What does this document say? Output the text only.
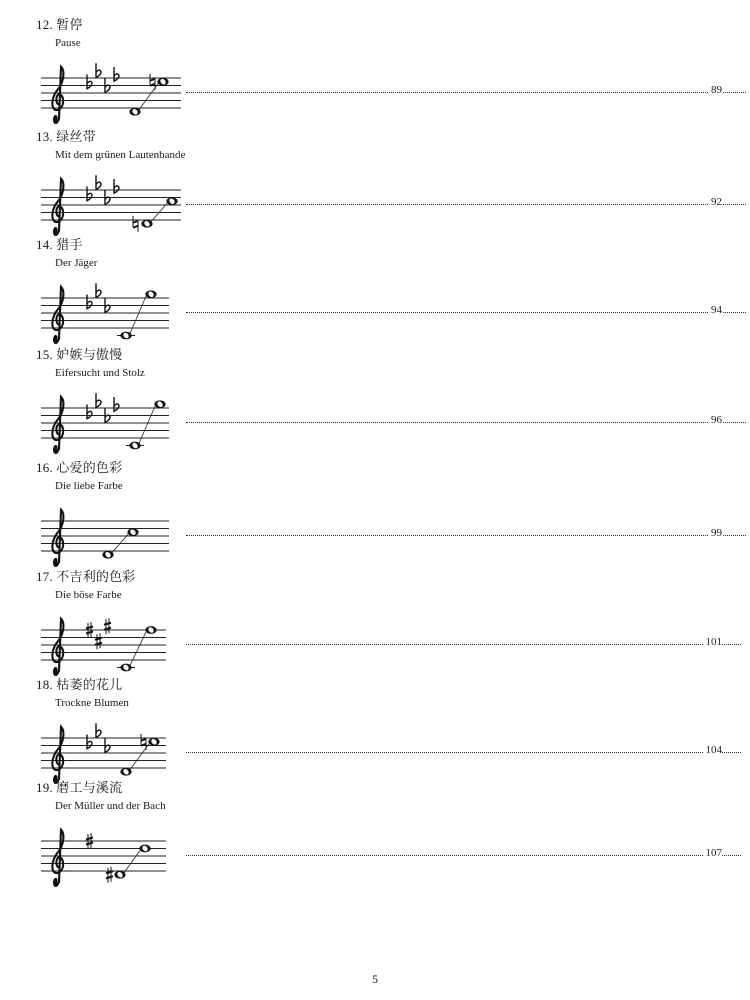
12. 暂停
Pause
89
13. 绿丝带
Mit dem grünen Lautenbande
92
14. 猎手
Der Jäger
94
15. 妒嫉与傲慢
Eifersucht und Stolz
96
16. 心爱的色彩
Die liebe Farbe
99
17. 不吉利的色彩
Die böse Farbe
101
18. 枯萎的花儿
Trockne Blumen
104
19. 磨工与溪流
Der Müller und der Bach
107
5
